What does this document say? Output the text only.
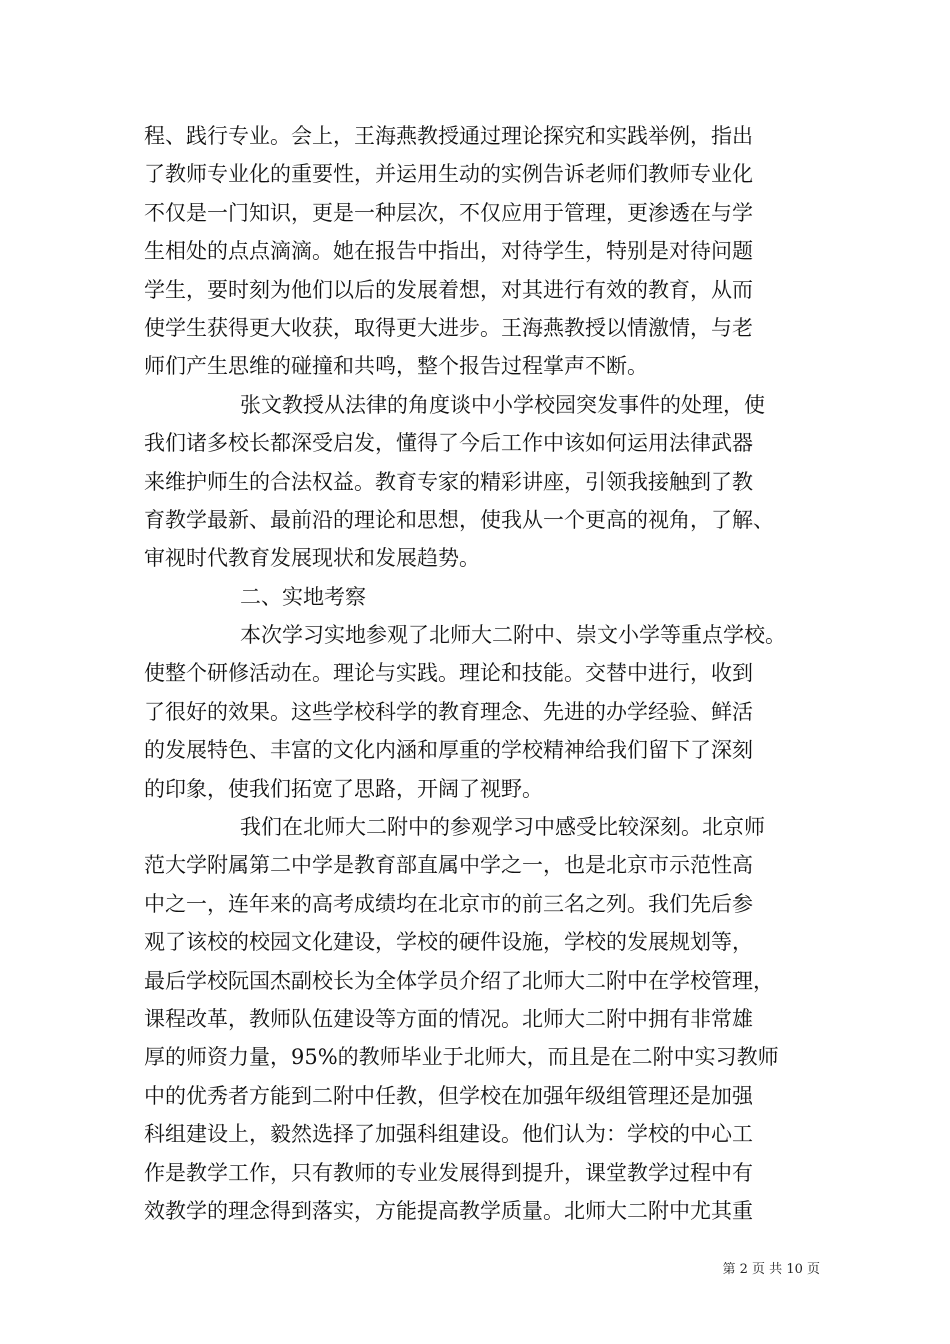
程、践行专业。会上，王海燕教授通过理论探究和实践举例，指出
了教师专业化的重要性，并运用生动的实例告诉老师们教师专业化
不仅是一门知识，更是一种层次，不仅应用于管理，更渗透在与学
生相处的点点滴滴。她在报告中指出，对待学生，特别是对待问题
学生，要时刻为他们以后的发展着想，对其进行有效的教育，从而
使学生获得更大收获，取得更大进步。王海燕教授以情激情，与老
师们产生思维的碰撞和共鸣，整个报告过程掌声不断。
张文教授从法律的角度谈中小学校园突发事件的处理，使
我们诸多校长都深受启发，懂得了今后工作中该如何运用法律武器
来维护师生的合法权益。教育专家的精彩讲座，引领我接触到了教
育教学最新、最前沿的理论和思想，使我从一个更高的视角，了解、
审视时代教育发展现状和发展趋势。
二、实地考察
本次学习实地参观了北师大二附中、崇文小学等重点学校。
使整个研修活动在。理论与实践。理论和技能。交替中进行，收到
了很好的效果。这些学校科学的教育理念、先进的办学经验、鲜活
的发展特色、丰富的文化内涵和厚重的学校精神给我们留下了深刻
的印象，使我们拓宽了思路，开阔了视野。
我们在北师大二附中的参观学习中感受比较深刻。北京师
范大学附属第二中学是教育部直属中学之一，也是北京市示范性高
中之一，连年来的高考成绩均在北京市的前三名之列。我们先后参
观了该校的校园文化建设，学校的硬件设施，学校的发展规划等，
最后学校阮国杰副校长为全体学员介绍了北师大二附中在学校管理，
课程改革，教师队伍建设等方面的情况。北师大二附中拥有非常雄
厚的师资力量，95%的教师毕业于北师大，而且是在二附中实习教师
中的优秀者方能到二附中任教，但学校在加强年级组管理还是加强
科组建设上，毅然选择了加强科组建设。他们认为：学校的中心工
作是教学工作，只有教师的专业发展得到提升，课堂教学过程中有
效教学的理念得到落实，方能提高教学质量。北师大二附中尤其重
第 2 页 共 10 页
